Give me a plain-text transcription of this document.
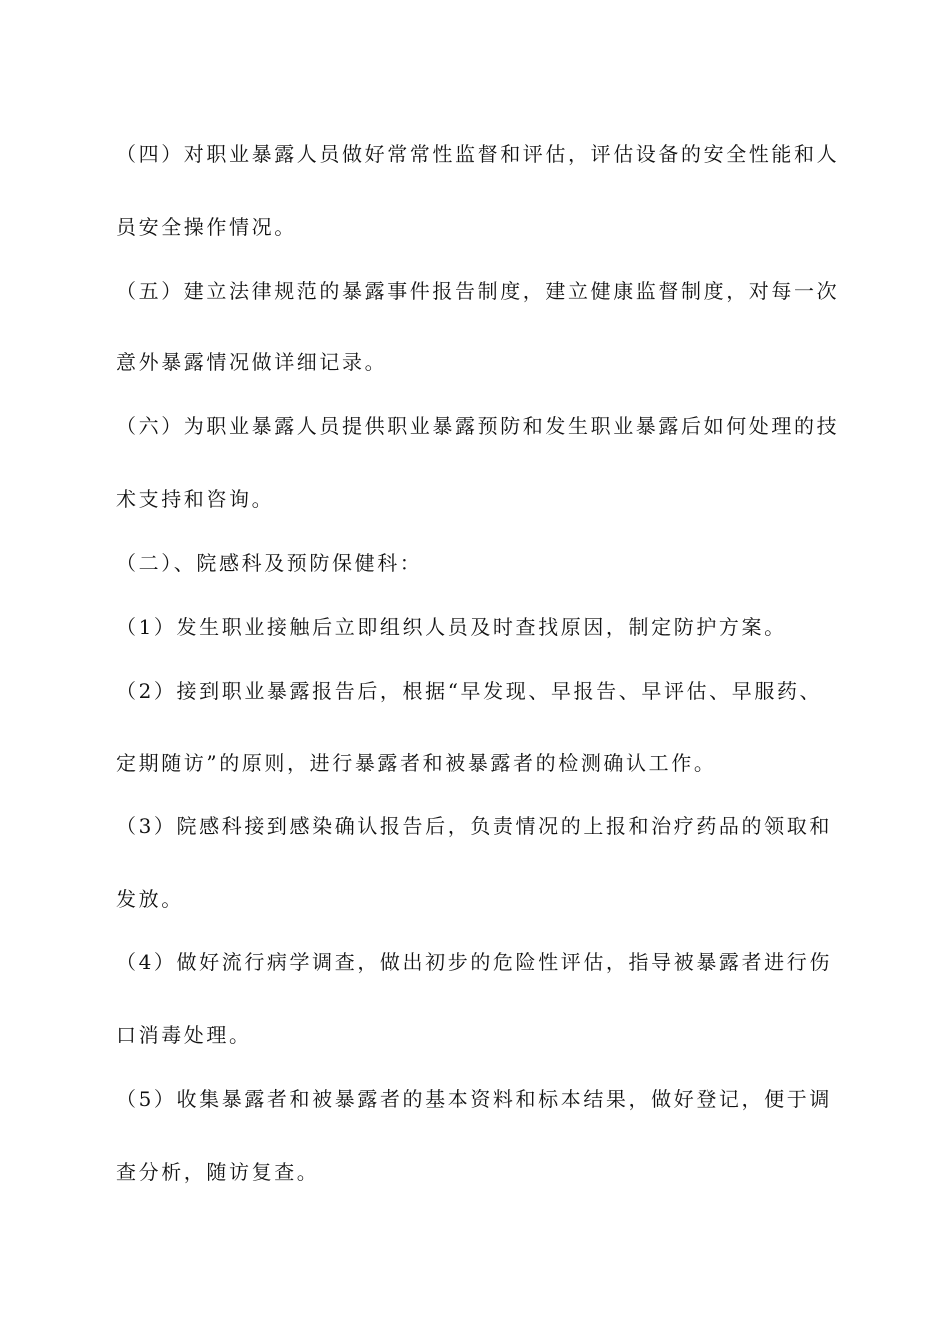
（四）对职业暴露人员做好常常性监督和评估，评估设备的安全性能和人
员安全操作情况。
（五）建立法律规范的暴露事件报告制度，建立健康监督制度，对每一次
意外暴露情况做详细记录。
（六）为职业暴露人员提供职业暴露预防和发生职业暴露后如何处理的技
术支持和咨询。
（二）、院感科及预防保健科：
（1）发生职业接触后立即组织人员及时查找原因，制定防护方案。
（2）接到职业暴露报告后，根据“早发现、早报告、早评估、早服药、
定期随访”的原则，进行暴露者和被暴露者的检测确认工作。
（3）院感科接到感染确认报告后，负责情况的上报和治疗药品的领取和
发放。
（4）做好流行病学调查，做出初步的危险性评估，指导被暴露者进行伤
口消毒处理。
（5）收集暴露者和被暴露者的基本资料和标本结果，做好登记，便于调
查分析，随访复查。
